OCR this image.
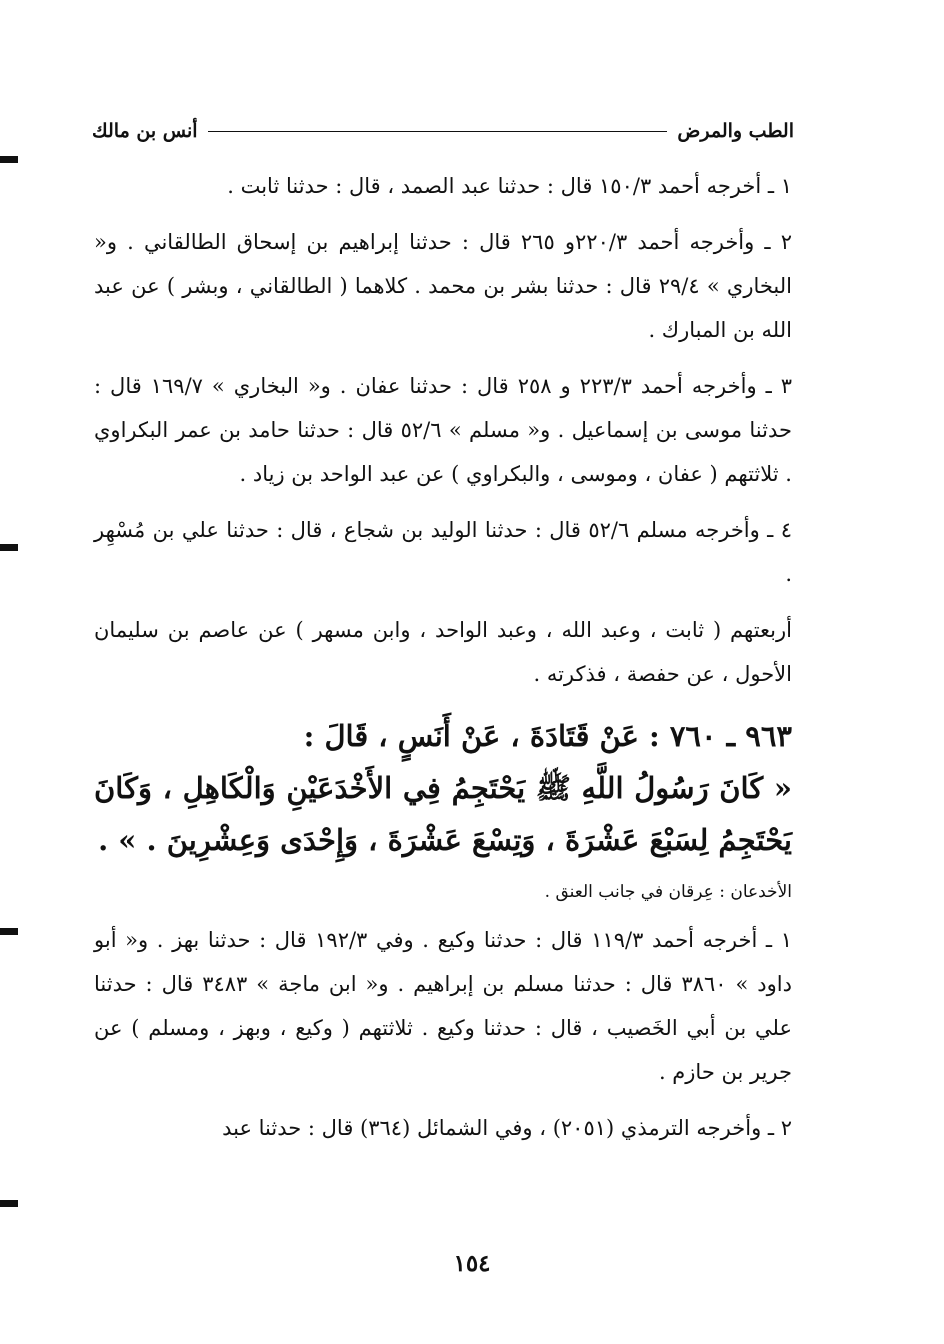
الطب والمرض
أنس بن مالك

١ ـ أخرجه أحمد ١٥٠/٣ قال : حدثنا عبد الصمد ، قال : حدثنا ثابت .

٢ ـ وأخرجه أحمد ٢٢٠/٣و ٢٦٥ قال : حدثنا إبراهيم بن إسحاق الطالقاني . و« البخاري » ٢٩/٤ قال : حدثنا بشر بن محمد . كلاهما ( الطالقاني ، وبشر ) عن عبد الله بن المبارك .

٣ ـ وأخرجه أحمد ٢٢٣/٣ و ٢٥٨ قال : حدثنا عفان . و« البخاري » ١٦٩/٧ قال : حدثنا موسى بن إسماعيل . و« مسلم » ٥٢/٦ قال : حدثنا حامد بن عمر البكراوي . ثلاثتهم ( عفان ، وموسى ، والبكراوي ) عن عبد الواحد بن زياد .

٤ ـ وأخرجه مسلم ٥٢/٦ قال : حدثنا الوليد بن شجاع ، قال : حدثنا علي بن مُسْهِر .

أربعتهم ( ثابت ، وعبد الله ، وعبد الواحد ، وابن مسهر ) عن عاصم بن سليمان الأحول ، عن حفصة ، فذكرته .

٩٦٣ ـ ٧٦٠ : عَنْ قَتَادَةَ ، عَنْ أَنَسٍ ، قَالَ :
« كَانَ رَسُولُ اللَّهِ ﷺ يَحْتَجِمُ فِي الأَخْدَعَيْنِ وَالْكَاهِلِ ، وَكَانَ يَحْتَجِمُ لِسَبْعَ عَشْرَةَ ، وَتِسْعَ عَشْرَةَ ، وَإِحْدَى وَعِشْرِينَ . » .

الأخدعان : عِرقان في جانب العنق .

١ ـ أخرجه أحمد ١١٩/٣ قال : حدثنا وكيع . وفي ١٩٢/٣ قال : حدثنا بهز . و« أبو داود » ٣٨٦٠ قال : حدثنا مسلم بن إبراهيم . و« ابن ماجة » ٣٤٨٣ قال : حدثنا علي بن أبي الخَصيب ، قال : حدثنا وكيع . ثلاثتهم ( وكيع ، وبهز ، ومسلم ) عن جرير بن حازم .

٢ ـ وأخرجه الترمذي (٢٠٥١) ، وفي الشمائل (٣٦٤) قال : حدثنا عبد

١٥٤
